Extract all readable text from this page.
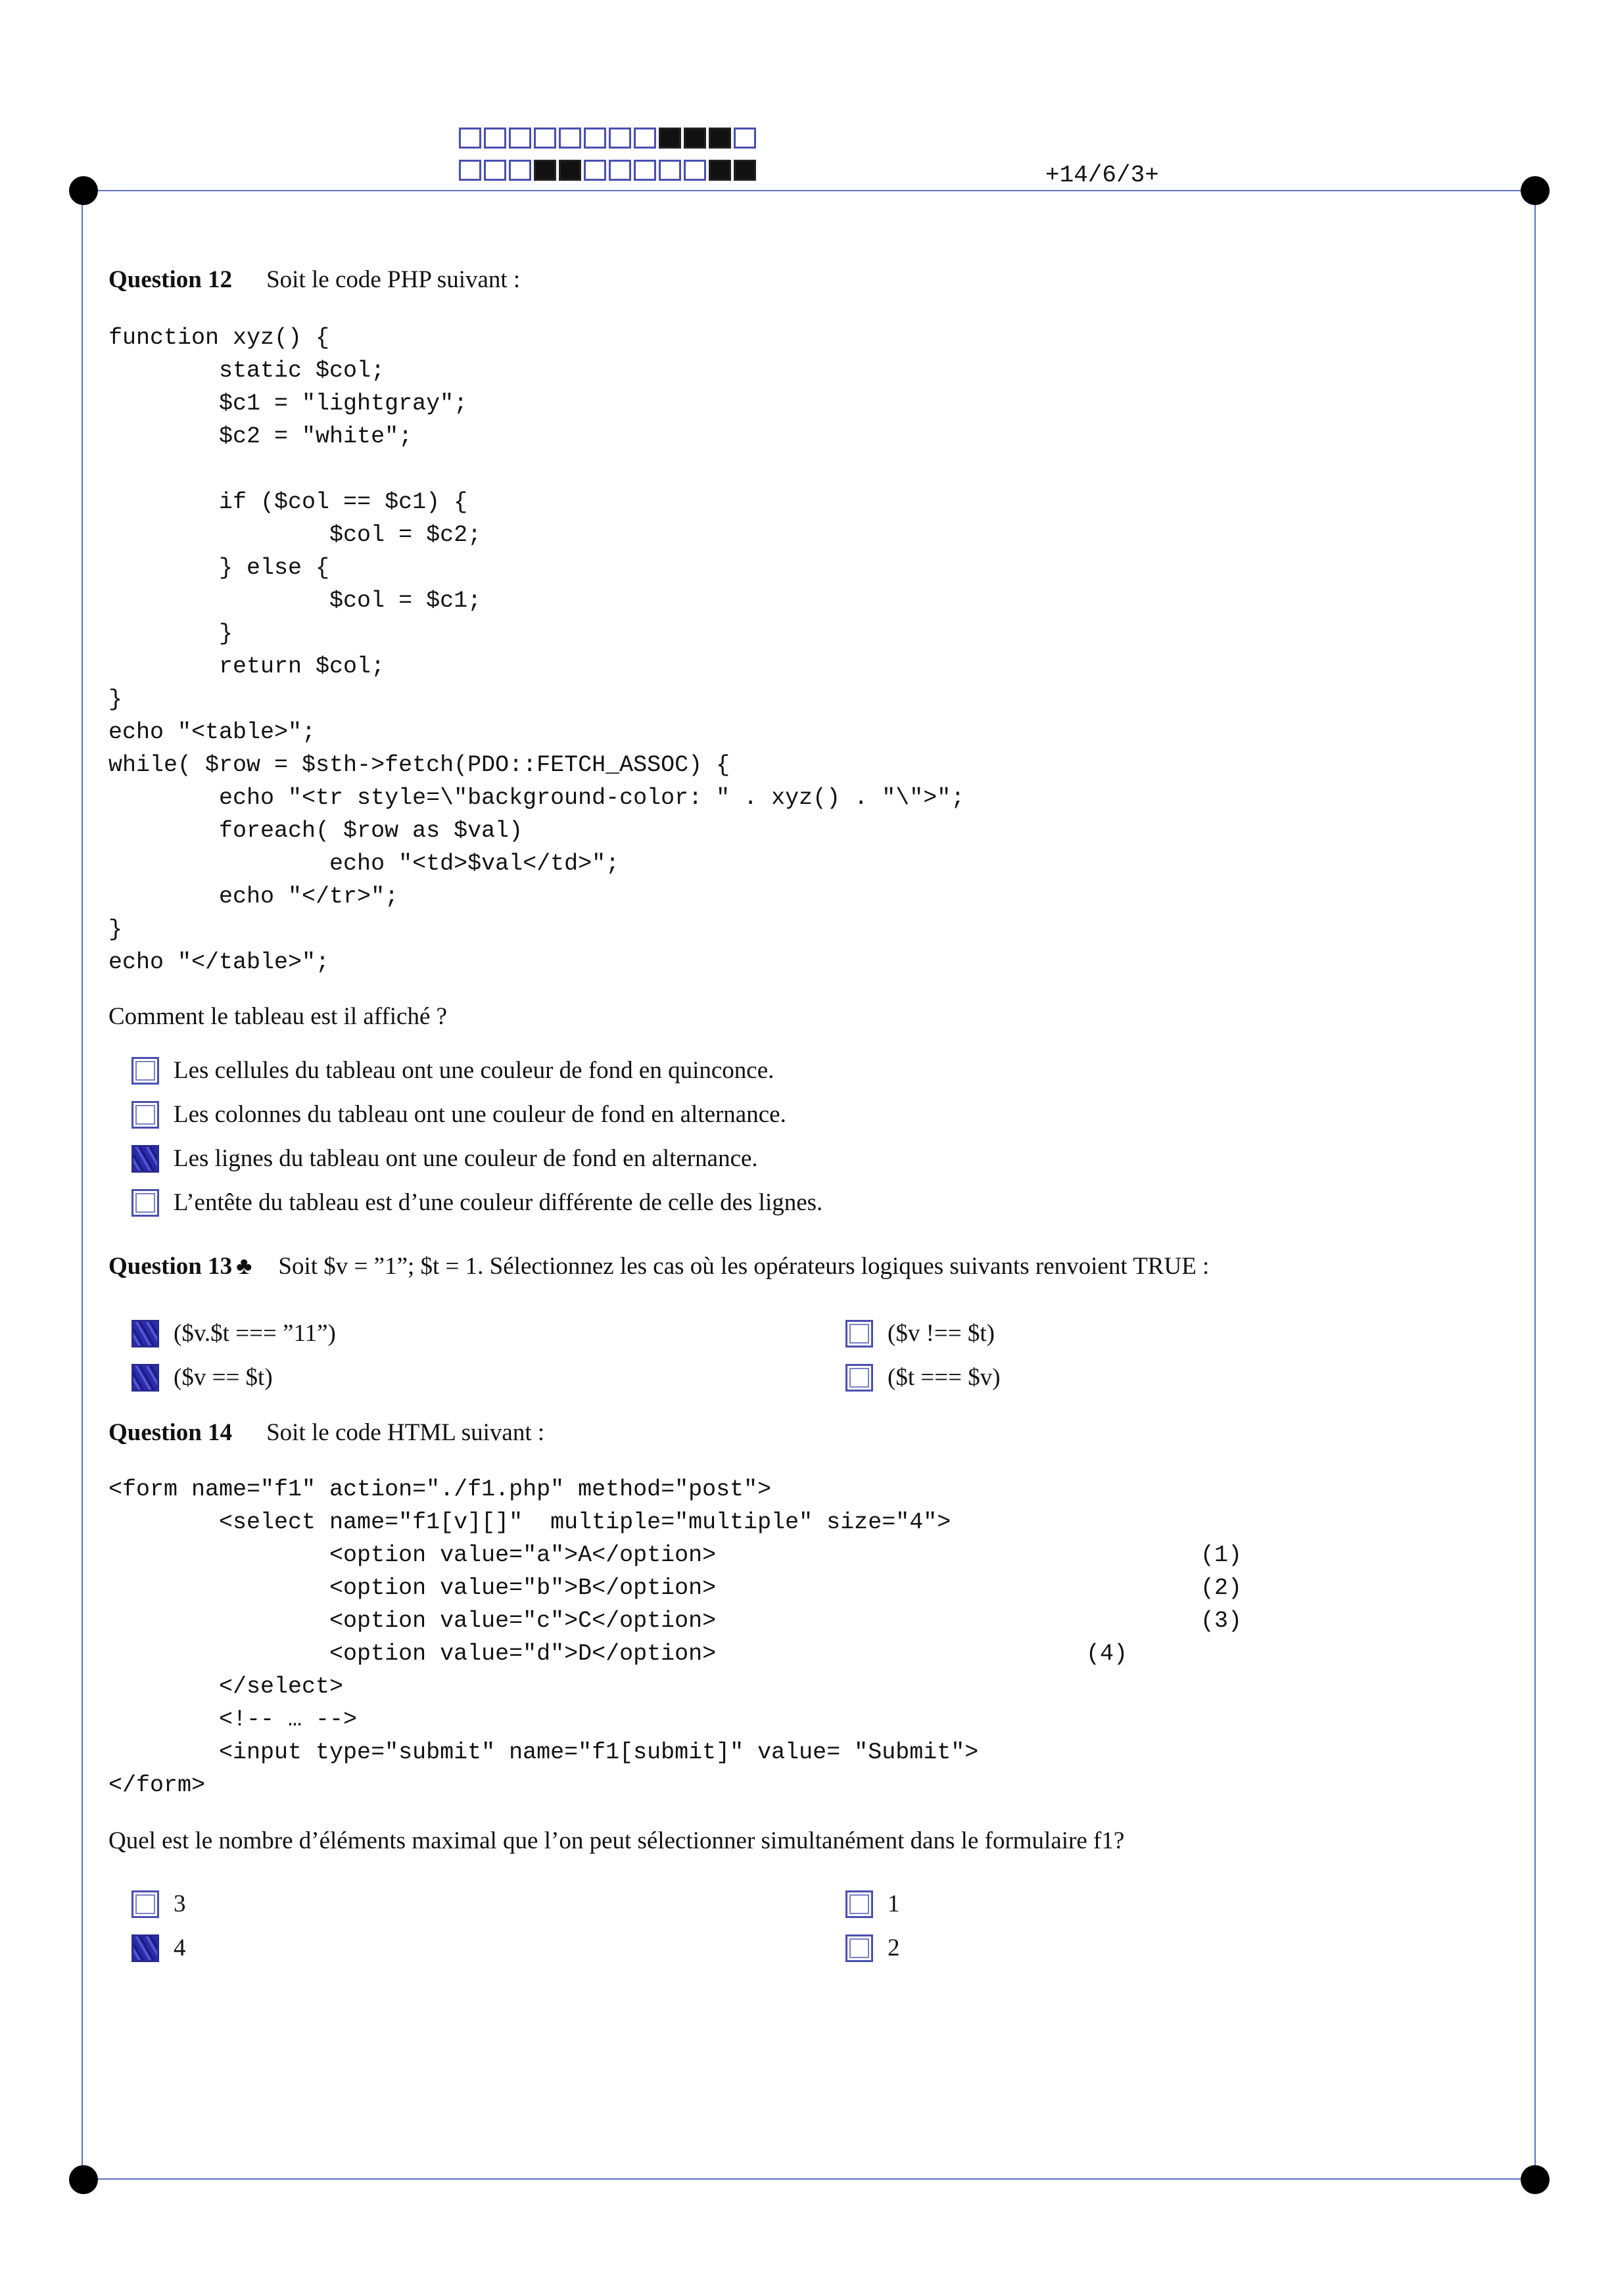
+14/6/3+
Question 12 Soit le code PHP suivant :
function xyz() {
static $col;
$c1 = "lightgray";
$c2 = "white";

if ($col == $c1) {
$col = $c2;
} else {
$col = $c1;
}
return $col;
}
echo "<table>";
while( $row = $sth->fetch(PDO::FETCH_ASSOC) {
echo "<tr style=\"background-color: " . xyz() . "\">";
foreach( $row as $val)
echo "<td>$val</td>";
echo "</tr>";
}
echo "</table>";
Comment le tableau est il affiché ?
Les cellules du tableau ont une couleur de fond en quinconce.
Les colonnes du tableau ont une couleur de fond en alternance.
Les lignes du tableau ont une couleur de fond en alternance.
L’entête du tableau est d’une couleur différente de celle des lignes.
Question 13 ♣ Soit $v = ”1”; $t = 1. Sélectionnez les cas où les opérateurs logiques suivants renvoient TRUE :
($v.$t === ”11”)	($v !== $t)
($v == $t)	($t === $v)
Question 14 Soit le code HTML suivant :
<form name="f1" action="./f1.php" method="post">
<select name="f1[v][]"  multiple="multiple" size="4">
<option value="a">A</option>
<option value="b">B</option>
<option value="c">C</option>
<option value="d">D</option>
</select>
<!-- … -->
<input type="submit" name="f1[submit]" value= "Submit">
</form>
(1)
(2)
(3)
(4)
Quel est le nombre d’éléments maximal que l’on peut sélectionner simultanément dans le formulaire f1?
3	1
4	2
